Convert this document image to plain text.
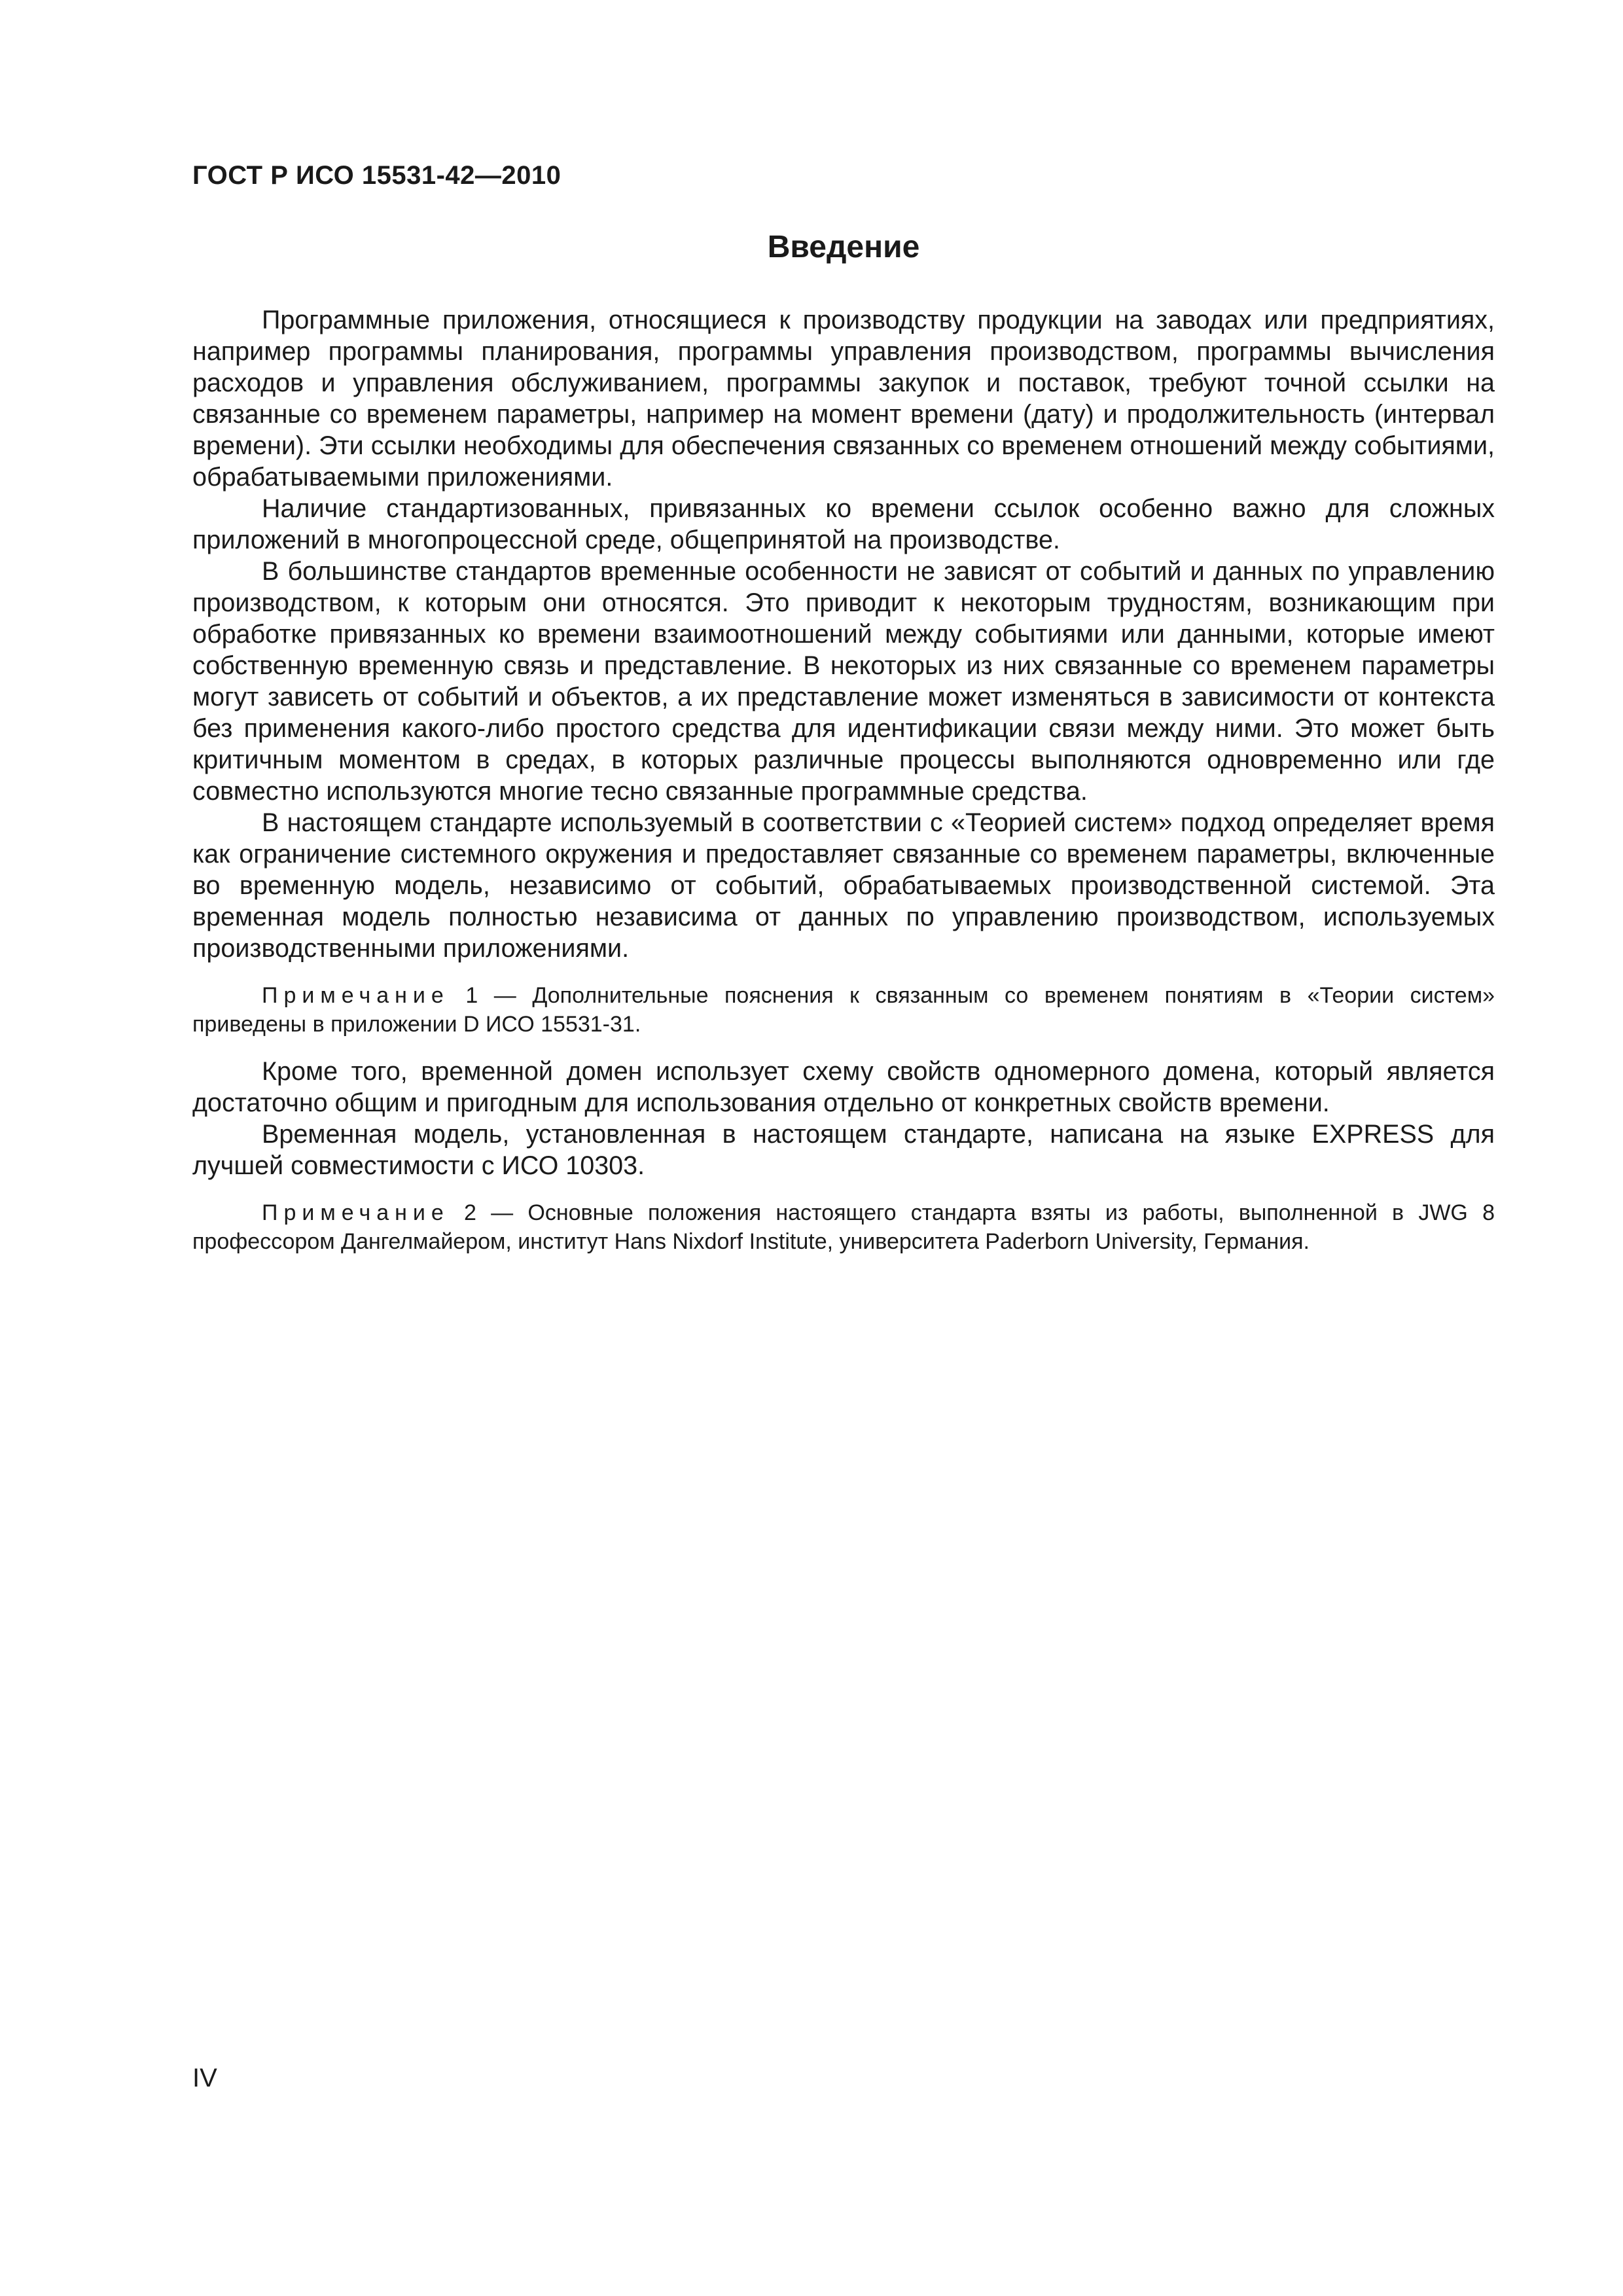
ГОСТ Р ИСО 15531-42—2010
Введение

Программные приложения, относящиеся к производству продукции на заводах или предприятиях, например программы планирования, программы управления производством, программы вычисления расходов и управления обслуживанием, программы закупок и поставок, требуют точной ссылки на связанные со временем параметры, например на момент времени (дату) и продолжительность (интервал времени). Эти ссылки необходимы для обеспечения связанных со временем отношений между событиями, обрабатываемыми приложениями.

Наличие стандартизованных, привязанных ко времени ссылок особенно важно для сложных приложений в многопроцессной среде, общепринятой на производстве.

В большинстве стандартов временные особенности не зависят от событий и данных по управлению производством, к которым они относятся. Это приводит к некоторым трудностям, возникающим при обработке привязанных ко времени взаимоотношений между событиями или данными, которые имеют собственную временную связь и представление. В некоторых из них связанные со временем параметры могут зависеть от событий и объектов, а их представление может изменяться в зависимости от контекста без применения какого-либо простого средства для идентификации связи между ними. Это может быть критичным моментом в средах, в которых различные процессы выполняются одновременно или где совместно используются многие тесно связанные программные средства.

В настоящем стандарте используемый в соответствии с «Теорией систем» подход определяет время как ограничение системного окружения и предоставляет связанные со временем параметры, включенные во временную модель, независимо от событий, обрабатываемых производственной системой. Эта временная модель полностью независима от данных по управлению производством, используемых производственными приложениями.

Примечание 1 — Дополнительные пояснения к связанным со временем понятиям в «Теории систем» приведены в приложении D ИСО 15531-31.

Кроме того, временной домен использует схему свойств одномерного домена, который является достаточно общим и пригодным для использования отдельно от конкретных свойств времени.

Временная модель, установленная в настоящем стандарте, написана на языке EXPRESS для лучшей совместимости с ИСО 10303.

Примечание 2 — Основные положения настоящего стандарта взяты из работы, выполненной в JWG 8 профессором Дангелмайером, институт Hans Nixdorf Institute, университета Paderborn University, Германия.

IV
